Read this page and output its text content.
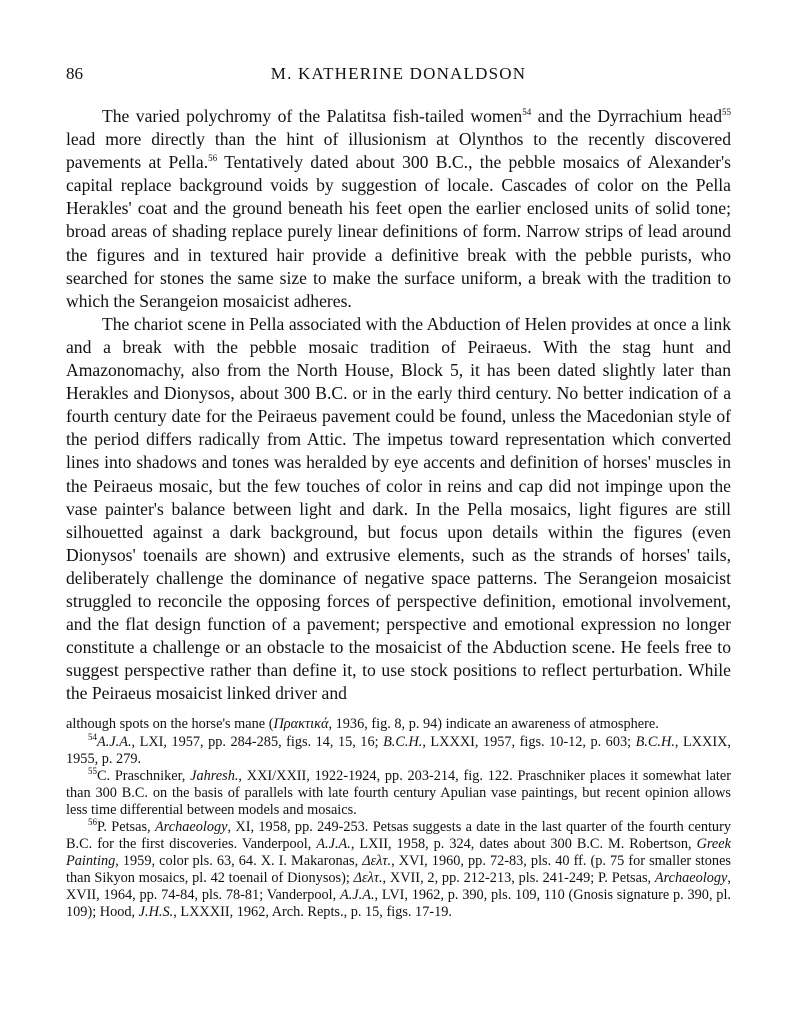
86	M. KATHERINE DONALDSON

The varied polychromy of the Palatitsa fish-tailed women$^{54}$ and the Dyrrachium head$^{55}$ lead more directly than the hint of illusionism at Olynthos to the recently discovered pavements at Pella.$^{56}$ Tentatively dated about 300 B.C., the pebble mosaics of Alexander's capital replace background voids by suggestion of locale. Cascades of color on the Pella Herakles' coat and the ground beneath his feet open the earlier enclosed units of solid tone; broad areas of shading replace purely linear definitions of form. Narrow strips of lead around the figures and in textured hair provide a definitive break with the pebble purists, who searched for stones the same size to make the surface uniform, a break with the tradition to which the Serangeion mosaicist adheres.

The chariot scene in Pella associated with the Abduction of Helen provides at once a link and a break with the pebble mosaic tradition of Peiraeus. With the stag hunt and Amazonomachy, also from the North House, Block 5, it has been dated slightly later than Herakles and Dionysos, about 300 B.C. or in the early third century. No better indication of a fourth century date for the Peiraeus pavement could be found, unless the Macedonian style of the period differs radically from Attic. The impetus toward representation which converted lines into shadows and tones was heralded by eye accents and definition of horses' muscles in the Peiraeus mosaic, but the few touches of color in reins and cap did not impinge upon the vase painter's balance between light and dark. In the Pella mosaics, light figures are still silhouetted against a dark background, but focus upon details within the figures (even Dionysos' toenails are shown) and extrusive elements, such as the strands of horses' tails, deliberately challenge the dominance of negative space patterns. The Serangeion mosaicist struggled to reconcile the opposing forces of perspective definition, emotional involvement, and the flat design function of a pavement; perspective and emotional expression no longer constitute a challenge or an obstacle to the mosaicist of the Abduction scene. He feels free to suggest perspective rather than define it, to use stock positions to reflect perturbation. While the Peiraeus mosaicist linked driver and

although spots on the horse's mane (Πρακτικά, 1936, fig. 8, p. 94) indicate an awareness of atmosphere.

$^{54}$A.J.A., LXI, 1957, pp. 284-285, figs. 14, 15, 16; B.C.H., LXXXI, 1957, figs. 10-12, p. 603; B.C.H., LXXIX, 1955, p. 279.

$^{55}$C. Praschniker, Jahresh., XXI/XXII, 1922-1924, pp. 203-214, fig. 122. Praschniker places it somewhat later than 300 B.C. on the basis of parallels with late fourth century Apulian vase paintings, but recent opinion allows less time differential between models and mosaics.

$^{56}$P. Petsas, Archaeology, XI, 1958, pp. 249-253. Petsas suggests a date in the last quarter of the fourth century B.C. for the first discoveries. Vanderpool, A.J.A., LXII, 1958, p. 324, dates about 300 B.C. M. Robertson, Greek Painting, 1959, color pls. 63, 64. X. I. Makaronas, Δελτ., XVI, 1960, pp. 72-83, pls. 40 ff. (p. 75 for smaller stones than Sikyon mosaics, pl. 42 toenail of Dionysos); Δελτ., XVII, 2, pp. 212-213, pls. 241-249; P. Petsas, Archaeology, XVII, 1964, pp. 74-84, pls. 78-81; Vanderpool, A.J.A., LVI, 1962, p. 390, pls. 109, 110 (Gnosis signature p. 390, pl. 109); Hood, J.H.S., LXXXII, 1962, Arch. Repts., p. 15, figs. 17-19.
